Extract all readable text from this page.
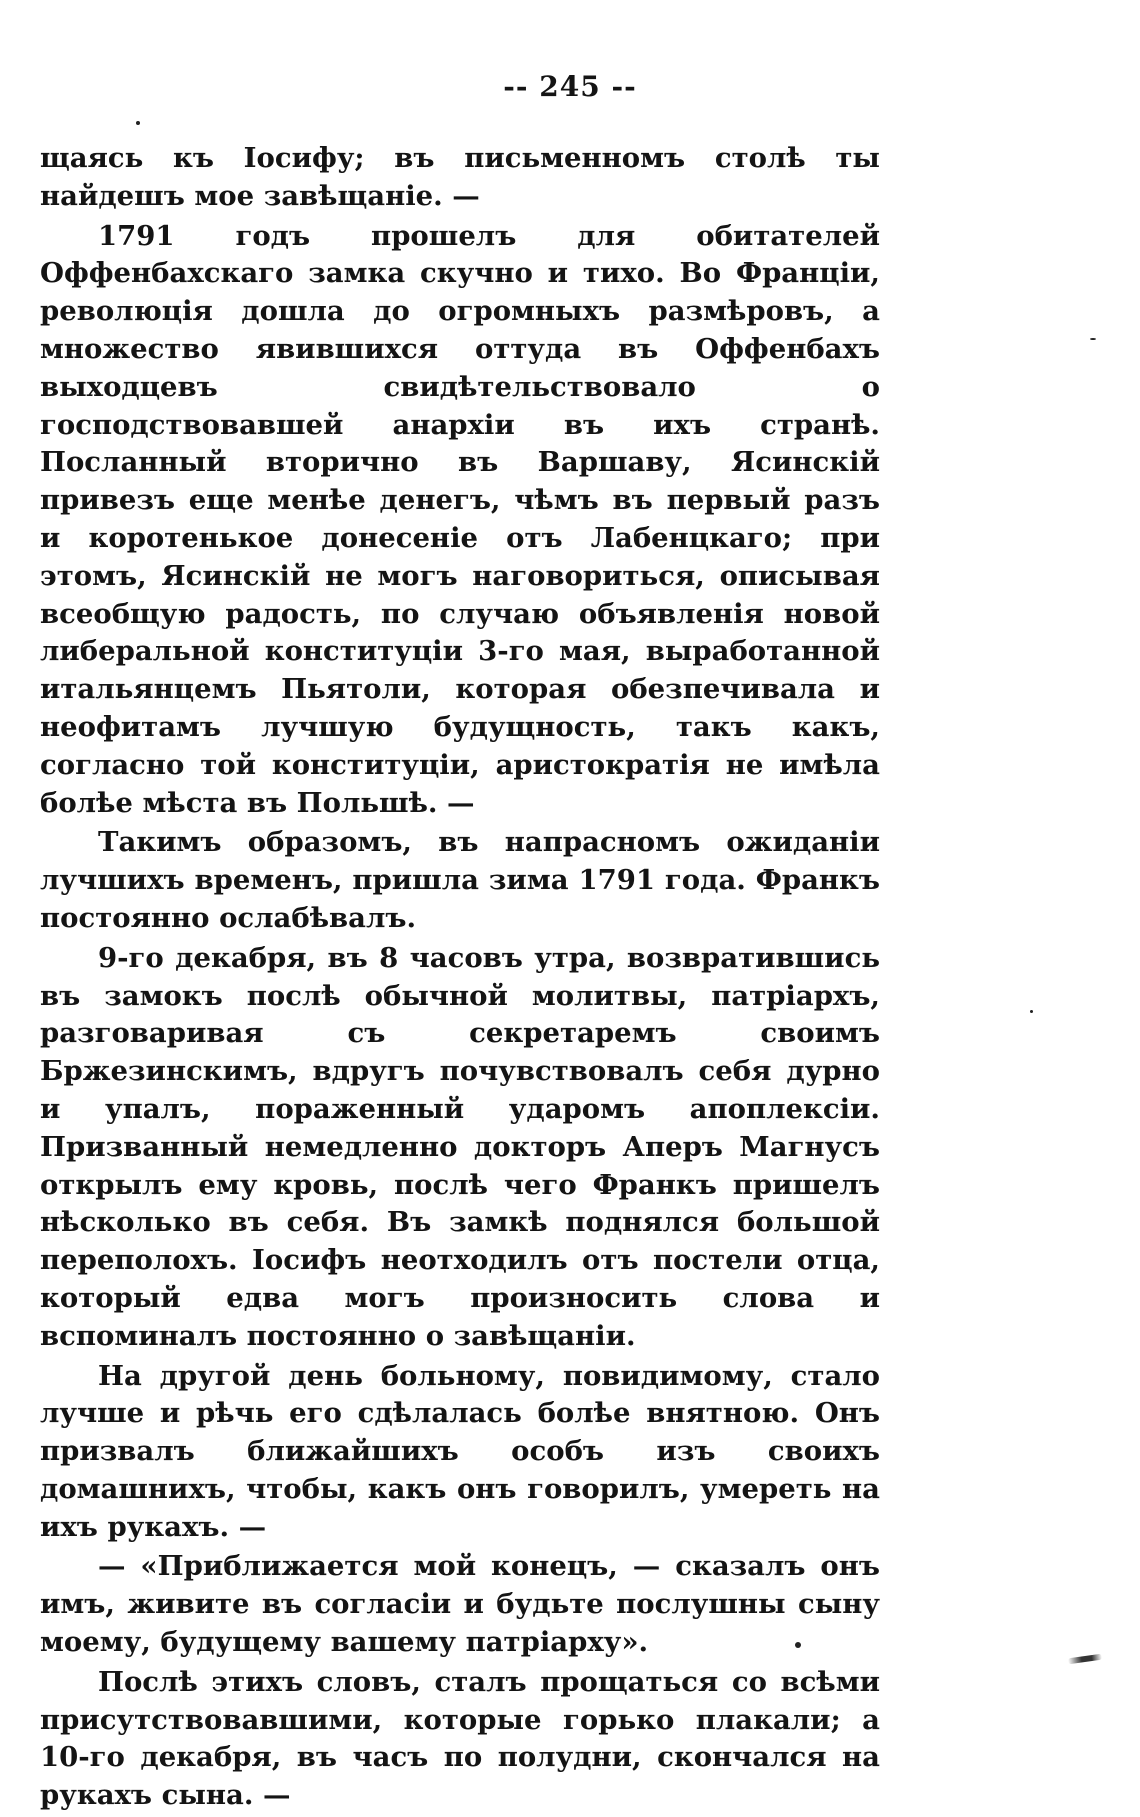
-- 245 --

щаясь къ Іосифу; въ письменномъ столѣ ты найдешъ мое завѣщаніе. —

1791 годъ прошелъ для обитателей Оффенбахскаго замка скучно и тихо. Во Франціи, революція дошла до огромныхъ размѣровъ, а множество явившихся оттуда въ Оффенбахъ выходцевъ свидѣтельствовало о господствовавшей анархіи въ ихъ странѣ. Посланный вторично въ Варшаву, Ясинскій привезъ еще менѣе денегъ, чѣмъ въ первый разъ и коротенькое донесеніе отъ Лабенцкаго; при этомъ, Ясинскій не могъ наговориться, описывая всеобщую радость, по случаю объявленія новой либеральной конституціи 3-го мая, выработанной итальянцемъ Пьятоли, которая обезпечивала и неофитамъ лучшую будущность, такъ какъ, согласно той конституціи, аристократія не имѣла болѣе мѣста въ Польшѣ. —

Такимъ образомъ, въ напрасномъ ожиданіи лучшихъ временъ, пришла зима 1791 года. Франкъ постоянно ослабѣвалъ.

9-го декабря, въ 8 часовъ утра, возвратившись въ замокъ послѣ обычной молитвы, патріархъ, разговаривая съ секретаремъ своимъ Бржезинскимъ, вдругъ почувствовалъ себя дурно и упалъ, пораженный ударомъ апоплексіи. Призванный немедленно докторъ Аперъ Магнусъ открылъ ему кровь, послѣ чего Франкъ пришелъ нѣсколько въ себя. Въ замкѣ поднялся большой переполохъ. Іосифъ неотходилъ отъ постели отца, который едва могъ произносить слова и вспоминалъ постоянно о завѣщаніи.

На другой день больному, повидимому, стало лучше и рѣчь его сдѣлалась болѣе внятною. Онъ призвалъ ближайшихъ особъ изъ своихъ домашнихъ, чтобы, какъ онъ говорилъ, умереть на ихъ рукахъ. —

— «Приближается мой конецъ, — сказалъ онъ имъ, живите въ согласіи и будьте послушны сыну моему, будущему вашему патріарху».

Послѣ этихъ словъ, сталъ прощаться со всѣми присутствовавшими, которые горько плакали; а 10-го декабря, въ часъ по полудни, скончался на рукахъ сына. —
